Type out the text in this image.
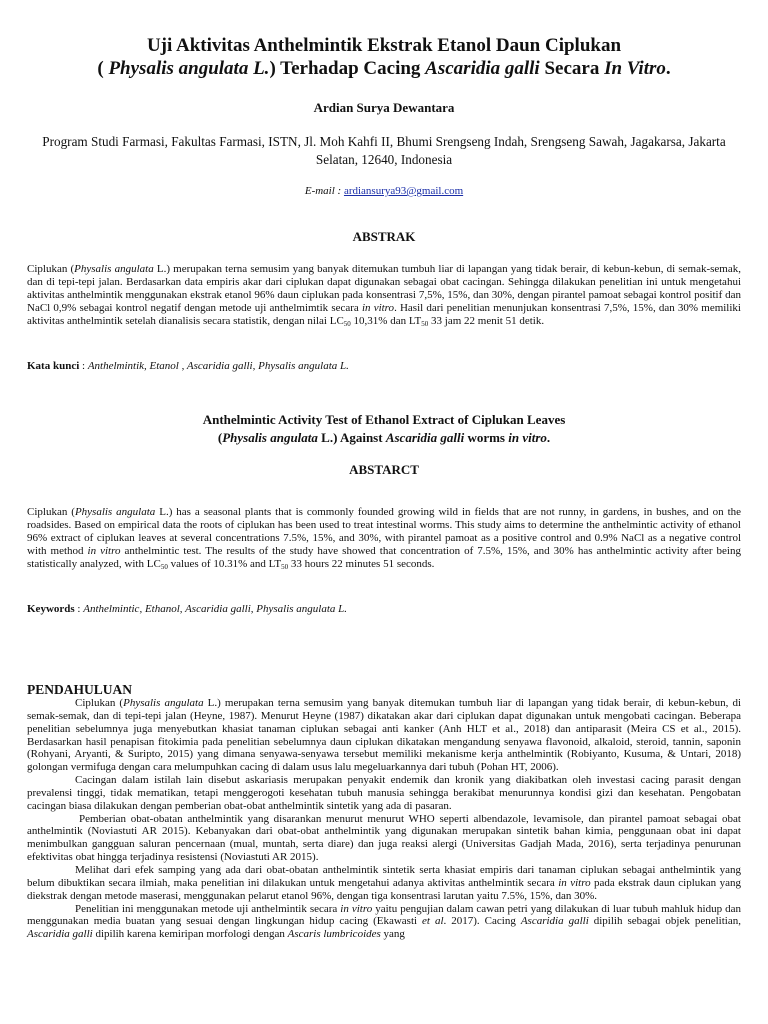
Uji Aktivitas Anthelmintik Ekstrak Etanol Daun Ciplukan
( Physalis angulata L.) Terhadap Cacing Ascaridia galli Secara In Vitro.
Ardian Surya Dewantara
Program Studi Farmasi, Fakultas Farmasi, ISTN, Jl. Moh Kahfi II, Bhumi Srengseng Indah, Srengseng Sawah, Jagakarsa, Jakarta Selatan, 12640, Indonesia
E-mail : ardiansurya93@gmail.com
ABSTRAK
Ciplukan (Physalis angulata L.) merupakan terna semusim yang banyak ditemukan tumbuh liar di lapangan yang tidak berair, di kebun-kebun, di semak-semak, dan di tepi-tepi jalan. Berdasarkan data empiris akar dari ciplukan dapat digunakan sebagai obat cacingan. Sehingga dilakukan penelitian ini untuk mengetahui aktivitas anthelmintik menggunakan ekstrak etanol 96% daun ciplukan pada konsentrasi 7,5%, 15%, dan 30%, dengan pirantel pamoat sebagai kontrol positif dan NaCl 0,9% sebagai kontrol negatif dengan metode uji anthelmimtik secara in vitro. Hasil dari penelitian menunjukan konsentrasi 7,5%, 15%, dan 30% memiliki aktivitas anthelmintik setelah dianalisis secara statistik, dengan nilai $LC_{50}$ 10,31% dan $LT_{50}$ 33 jam 22 menit 51 detik.
Kata kunci : Anthelmintik, Etanol , Ascaridia galli, Physalis angulata L.
Anthelmintic Activity Test of Ethanol Extract of Ciplukan Leaves
(Physalis angulata L.) Against Ascaridia galli worms in vitro.
ABSTARCT
Ciplukan (Physalis angulata L.) has a seasonal plants that is commonly founded growing wild in fields that are not runny, in gardens, in bushes, and on the roadsides. Based on empirical data the roots of ciplukan has been used to treat intestinal worms. This study aims to determine the anthelmintic activity of ethanol 96% extract of ciplukan leaves at several concentrations 7.5%, 15%, and 30%, with pirantel pamoat as a positive control and 0.9% NaCl as a negative control with method in vitro anthelmintic test. The results of the study have showed that concentration of 7.5%, 15%, and 30% has anthelmintic activity after being statistically analyzed, with $LC_{50}$ values of 10.31% and $LT_{50}$ 33 hours 22 minutes 51 seconds.
Keywords : Anthelmintic, Ethanol, Ascaridia galli, Physalis angulata L.
PENDAHULUAN

Ciplukan (Physalis angulata L.) merupakan terna semusim yang banyak ditemukan tumbuh liar di lapangan yang tidak berair, di kebun-kebun, di semak-semak, dan di tepi-tepi jalan (Heyne, 1987). Menurut Heyne (1987) dikatakan akar dari ciplukan dapat digunakan untuk mengobati cacingan. Beberapa penelitian sebelumnya juga menyebutkan khasiat tanaman ciplukan sebagai anti kanker (Anh HLT et al., 2018) dan antiparasit (Meira CS et al., 2015). Berdasarkan hasil penapisan fitokimia pada penelitian sebelumnya daun ciplukan dikatakan mengandung senyawa flavonoid, alkaloid, steroid, tannin, saponin (Rohyani, Aryanti, & Suripto, 2015) yang dimana senyawa-senyawa tersebut memiliki mekanisme kerja anthelmintik (Robiyanto, Kusuma, & Untari, 2018) golongan vermifuga dengan cara melumpuhkan cacing di dalam usus lalu megeluarkannya dari tubuh (Pohan HT, 2006).

Cacingan dalam istilah lain disebut askariasis merupakan penyakit endemik dan kronik yang diakibatkan oleh investasi cacing parasit dengan prevalensi tinggi, tidak mematikan, tetapi menggerogoti kesehatan tubuh manusia sehingga berakibat menurunnya kondisi gizi dan kesehatan. Pengobatan cacingan biasa dilakukan dengan pemberian obat-obat anthelmintik sintetik yang ada di pasaran.

Pemberian obat-obatan anthelmintik yang disarankan menurut menurut WHO seperti albendazole, levamisole, dan pirantel pamoat sebagai obat anthelmintik (Noviastuti AR 2015). Kebanyakan dari obat-obat anthelmintik yang digunakan merupakan sintetik bahan kimia, penggunaan obat ini dapat menimbulkan gangguan saluran pencernaan (mual, muntah, serta diare) dan juga reaksi alergi (Universitas Gadjah Mada, 2016), serta terjadinya penurunan efektivitas obat hingga terjadinya resistensi (Noviastuti AR 2015).

Melihat dari efek samping yang ada dari obat-obatan anthelmintik sintetik serta khasiat empiris dari tanaman ciplukan sebagai anthelmintik yang belum dibuktikan secara ilmiah, maka penelitian ini dilakukan untuk mengetahui adanya aktivitas anthelmintik secara in vitro pada ekstrak daun ciplukan yang diekstrak dengan metode maserasi, menggunakan pelarut etanol 96%, dengan tiga konsentrasi larutan yaitu 7.5%, 15%, dan 30%.

Penelitian ini menggunakan metode uji anthelmintik secara in vitro yaitu pengujian dalam cawan petri yang dilakukan di luar tubuh mahluk hidup dan menggunakan media buatan yang sesuai dengan lingkungan hidup cacing (Ekawasti et al. 2017). Cacing Ascaridia galli dipilih sebagai objek penelitian, Ascaridia galli dipilih karena kemiripan morfologi dengan Ascaris lumbricoides yang
